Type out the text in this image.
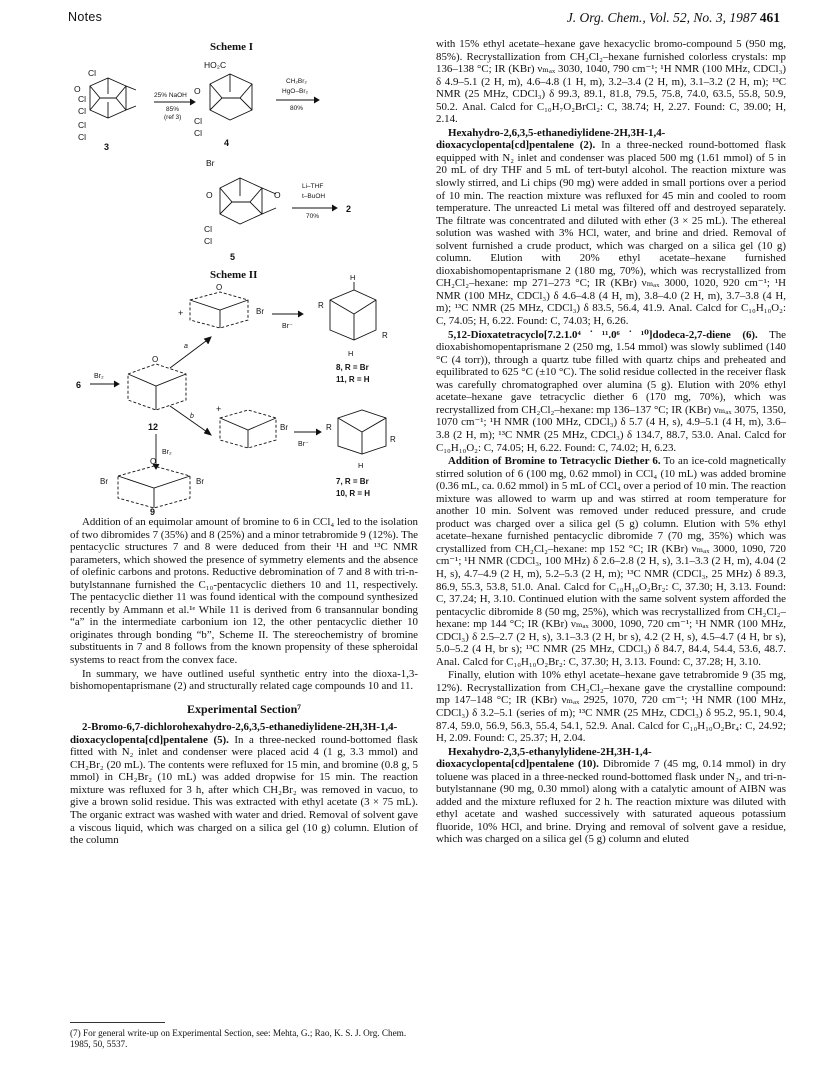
Notes	J. Org. Chem., Vol. 52, No. 3, 1987 461
Scheme I
O
Cl
Cl
Cl
Cl
Cl
3
25% NaOH
85%
(ref 3)
HO₂C
O
Cl
Cl
4
CH₂Br₂
HgO–Br₂
80%
Br
O	O
Cl
Cl
5
Li–THF
t–BuOH
70%
2
Scheme II
+	Br
O
Br⁻
R
R
H
H
8, R = Br
11, R = H
6
Br₂
O
12
a
b
Br₂
+
Br
Br⁻
R
R
H
7, R = Br
10, R = H
Br	Br
O
9

Addition of an equimolar amount of bromine to 6 in CCl₄ led to the isolation of two dibromides 7 (35%) and 8 (25%) and a minor tetrabromide 9 (12%). The pentacyclic structures 7 and 8 were deduced from their ¹H and ¹³C NMR parameters, which showed the presence of symmetry elements and the absence of olefinic carbons and protons. Reductive debromination of 7 and 8 with tri-n-butylstannane furnished the C₁₀-pentacyclic diethers 10 and 11, respectively. The pentacyclic diether 11 was found identical with the compound synthesized recently by Ammann et al.¹ᵉ While 11 is derived from 6 transannular bonding “a” in the intermediate carbonium ion 12, the other pentacyclic diether 10 originates through bonding “b”, Scheme II. The stereochemistry of bromine substituents in 7 and 8 follows from the known propensity of these spheroidal systems to react from the convex face.

In summary, we have outlined useful synthetic entry into the dioxa-1,3-bishomopentaprismane (2) and structurally related cage compounds 10 and 11.

Experimental Section⁷

2-Bromo-6,7-dichlorohexahydro-2,6,3,5-ethanediylidene-2H,3H-1,4-dioxacyclopenta[cd]pentalene (5). In a three-necked round-bottomed flask fitted with N₂ inlet and condenser were placed acid 4 (1 g, 3.3 mmol) and CH₂Br₂ (20 mL). The contents were refluxed for 15 min, and bromine (0.8 g, 5 mmol) in CH₂Br₂ (10 mL) was added dropwise for 15 min. The reaction mixture was refluxed for 3 h, after which CH₂Br₂ was removed in vacuo, to give a brown solid residue. This was extracted with ethyl acetate (3 × 75 mL). The organic extract was washed with water and dried. Removal of solvent gave a viscous liquid, which was charged on a silica gel (10 g) column. Elution of the column

(7) For general write-up on Experimental Section, see: Mehta, G.; Rao, K. S. J. Org. Chem. 1985, 50, 5537.

with 15% ethyl acetate–hexane gave hexacyclic bromo-compound 5 (950 mg, 85%). Recrystallization from CH₂Cl₂–hexane furnished colorless crystals: mp 136–138 °C; IR (KBr) νₘₐₓ 3030, 1040, 790 cm⁻¹; ¹H NMR (100 MHz, CDCl₃) δ 4.9–5.1 (2 H, m), 4.6–4.8 (1 H, m), 3.2–3.4 (2 H, m), 3.1–3.2 (2 H, m); ¹³C NMR (25 MHz, CDCl₃) δ 99.3, 89.1, 81.8, 79.5, 75.8, 74.0, 63.5, 55.8, 50.9, 50.2. Anal. Calcd for C₁₀H₇O₂BrCl₂: C, 38.74; H, 2.27. Found: C, 39.00; H, 2.14.

Hexahydro-2,6,3,5-ethanediylidene-2H,3H-1,4-dioxacyclopenta[cd]pentalene (2). In a three-necked round-bottomed flask equipped with N₂ inlet and condenser was placed 500 mg (1.61 mmol) of 5 in 20 mL of dry THF and 5 mL of tert-butyl alcohol. The reaction mixture was slowly stirred, and Li chips (90 mg) were added in small portions over a period of 10 min. The reaction mixture was refluxed for 45 min and cooled to room temperature. The unreacted Li metal was filtered off and destroyed separately. The filtrate was concentrated and diluted with ether (3 × 25 mL). The ethereal solution was washed with 3% HCl, water, and brine and dried. Removal of solvent furnished a crude product, which was charged on a silica gel (10 g) column. Elution with 20% ethyl acetate–hexane furnished dioxabishomopentaprismane 2 (180 mg, 70%), which was recrystallized from CH₂Cl₂–hexane: mp 271–273 °C; IR (KBr) νₘₐₓ 3000, 1020, 920 cm⁻¹; ¹H NMR (100 MHz, CDCl₃) δ 4.6–4.8 (4 H, m), 3.8–4.0 (2 H, m), 3.7–3.8 (4 H, m); ¹³C NMR (25 MHz, CDCl₃) δ 83.5, 56.4, 41.9. Anal. Calcd for C₁₀H₁₀O₂: C, 74.05; H, 6.22. Found: C, 74.03; H, 6.26.

5,12-Dioxatetracyclo[7.2.1.0⁴˙¹¹.0⁶˙¹⁰]dodeca-2,7-diene (6). The dioxabishomopentaprismane 2 (250 mg, 1.54 mmol) was slowly sublimed (140 °C (4 torr)), through a quartz tube filled with quartz chips and preheated and equilibrated to 625 °C (±10 °C). The solid residue collected in the receiver flask was carefully chromatographed over alumina (5 g). Elution with 20% ethyl acetate–hexane gave tetracyclic diether 6 (170 mg, 70%), which was recrystallized from CH₂Cl₂–hexane: mp 136–137 °C; IR (KBr) νₘₐₓ 3075, 1350, 1070 cm⁻¹; ¹H NMR (100 MHz, CDCl₃) δ 5.7 (4 H, s), 4.9–5.1 (4 H, m), 3.6–3.8 (2 H, m); ¹³C NMR (25 MHz, CDCl₃) δ 134.7, 88.7, 53.0. Anal. Calcd for C₁₀H₁₀O₂: C, 74.05; H, 6.22. Found: C, 74.02; H, 6.23.

Addition of Bromine to Tetracyclic Diether 6. To an ice-cold magnetically stirred solution of 6 (100 mg, 0.62 mmol) in CCl₄ (10 mL) was added bromine (0.36 mL, ca. 0.62 mmol) in 5 mL of CCl₄ over a period of 10 min. The reaction mixture was allowed to warm up and was stirred at room temperature for another 10 min. Solvent was removed under reduced pressure, and crude product was charged over a silica gel (5 g) column. Elution with 5% ethyl acetate–hexane furnished pentacyclic dibromide 7 (70 mg, 35%) which was crystallized from CH₂Cl₂–hexane: mp 152 °C; IR (KBr) νₘₐₓ 3000, 1090, 720 cm⁻¹; ¹H NMR (CDCl₃, 100 MHz) δ 2.6–2.8 (2 H, s), 3.1–3.3 (2 H, m), 4.04 (2 H, s), 4.7–4.9 (2 H, m), 5.2–5.3 (2 H, m); ¹³C NMR (CDCl₃, 25 MHz) δ 89.3, 86.9, 55.3, 53.8, 51.0. Anal. Calcd for C₁₀H₁₀O₂Br₂: C, 37.30; H, 3.13. Found: C, 37.24; H, 3.10. Continued elution with the same solvent system afforded the pentacyclic dibromide 8 (50 mg, 25%), which was recrystallized from CH₂Cl₂–hexane: mp 144 °C; IR (KBr) νₘₐₓ 3000, 1090, 720 cm⁻¹; ¹H NMR (100 MHz, CDCl₃) δ 2.5–2.7 (2 H, s), 3.1–3.3 (2 H, br s), 4.2 (2 H, s), 4.5–4.7 (4 H, br s), 5.0–5.2 (4 H, br s); ¹³C NMR (25 MHz, CDCl₃) δ 84.7, 84.4, 54.4, 53.6, 48.7. Anal. Calcd for C₁₀H₁₀O₂Br₂: C, 37.30; H, 3.13. Found: C, 37.28; H, 3.10.

Finally, elution with 10% ethyl acetate–hexane gave tetrabromide 9 (35 mg, 12%). Recrystallization from CH₂Cl₂–hexane gave the crystalline compound: mp 147–148 °C; IR (KBr) νₘₐₓ 2925, 1070, 720 cm⁻¹; ¹H NMR (100 MHz, CDCl₃) δ 3.2–5.1 (series of m); ¹³C NMR (25 MHz, CDCl₃) δ 95.2, 95.1, 90.4, 87.4, 59.0, 56.9, 56.3, 55.4, 54.1, 52.9. Anal. Calcd for C₁₀H₁₀O₂Br₄: C, 24.92; H, 2.09. Found: C, 25.37; H, 2.04.

Hexahydro-2,3,5-ethanylylidene-2H,3H-1,4-dioxacyclopenta[cd]pentalene (10). Dibromide 7 (45 mg, 0.14 mmol) in dry toluene was placed in a three-necked round-bottomed flask under N₂, and tri-n-butylstannane (90 mg, 0.30 mmol) along with a catalytic amount of AIBN was added and the mixture refluxed for 2 h. The reaction mixture was diluted with ethyl acetate and washed successively with saturated aqueous potassium fluoride, 10% HCl, and brine. Drying and removal of solvent gave a residue, which was charged on a silica gel (5 g) column and eluted
